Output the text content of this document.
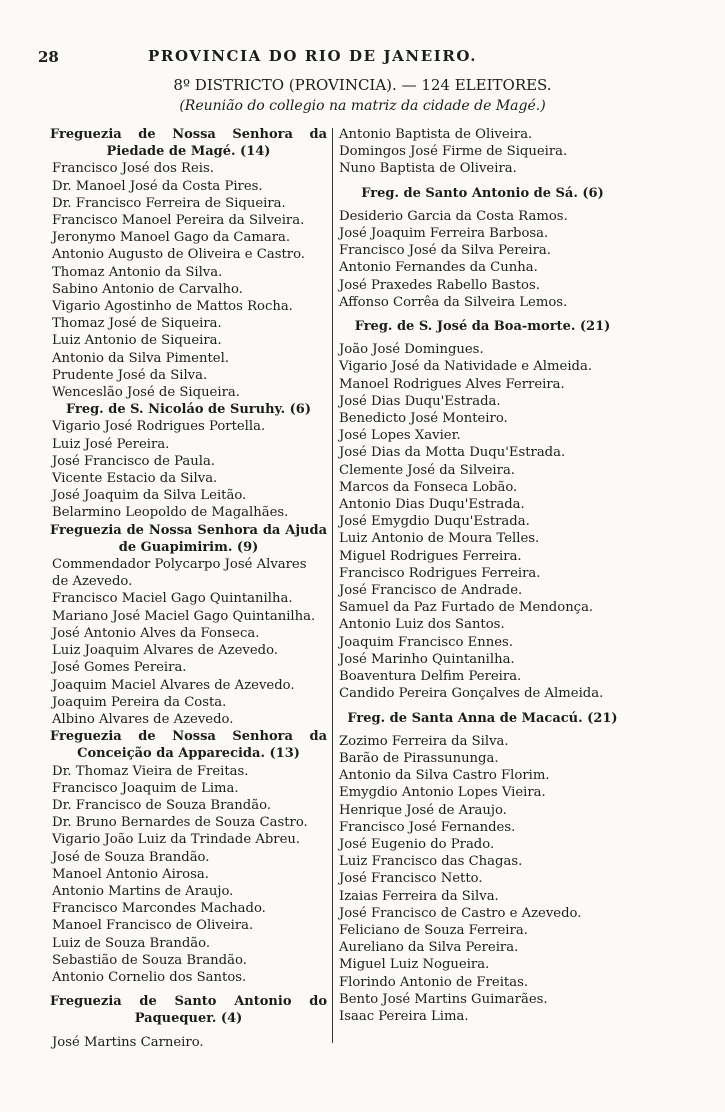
28	PROVINCIA DO RIO DE JANEIRO.
8º DISTRICTO (PROVINCIA). — 124 ELEITORES.
(Reunião do collegio na matriz da cidade de Magé.)
Freguezia de Nossa Senhora da Piedade de Magé. (14)
Francisco José dos Reis.
Dr. Manoel José da Costa Pires.
Dr. Francisco Ferreira de Siqueira.
Francisco Manoel Pereira da Silveira.
Jeronymo Manoel Gago da Camara.
Antonio Augusto de Oliveira e Castro.
Thomaz Antonio da Silva.
Sabino Antonio de Carvalho.
Vigario Agostinho de Mattos Rocha.
Thomaz José de Siqueira.
Luiz Antonio de Siqueira.
Antonio da Silva Pimentel.
Prudente José da Silva.
Wenceslão José de Siqueira.
Freg. de S. Nicoláo de Suruhy. (6)
Vigario José Rodrigues Portella.
Luiz José Pereira.
José Francisco de Paula.
Vicente Estacio da Silva.
José Joaquim da Silva Leitão.
Belarmino Leopoldo de Magalhães.
Freguezia de Nossa Senhora da Ajuda de Guapimirim. (9)
Commendador Polycarpo José Alvares
de Azevedo.
Francisco Maciel Gago Quintanilha.
Mariano José Maciel Gago Quintanilha.
José Antonio Alves da Fonseca.
Luiz Joaquim Alvares de Azevedo.
José Gomes Pereira.
Joaquim Maciel Alvares de Azevedo.
Joaquim Pereira da Costa.
Albino Alvares de Azevedo.
Freguezia de Nossa Senhora da Conceição da Apparecida. (13)
Dr. Thomaz Vieira de Freitas.
Francisco Joaquim de Lima.
Dr. Francisco de Souza Brandão.
Dr. Bruno Bernardes de Souza Castro.
Vigario João Luiz da Trindade Abreu.
José de Souza Brandão.
Manoel Antonio Airosa.
Antonio Martins de Araujo.
Francisco Marcondes Machado.
Manoel Francisco de Oliveira.
Luiz de Souza Brandão.
Sebastião de Souza Brandão.
Antonio Cornelio dos Santos.
Freguezia de Santo Antonio do Paquequer. (4)
José Martins Carneiro.
Antonio Baptista de Oliveira.
Domingos José Firme de Siqueira.
Nuno Baptista de Oliveira.
Freg. de Santo Antonio de Sá. (6)
Desiderio Garcia da Costa Ramos.
José Joaquim Ferreira Barbosa.
Francisco José da Silva Pereira.
Antonio Fernandes da Cunha.
José Praxedes Rabello Bastos.
Affonso Corrêa da Silveira Lemos.
Freg. de S. José da Boa-morte. (21)
João José Domingues.
Vigario José da Natividade e Almeida.
Manoel Rodrigues Alves Ferreira.
José Dias Duqu'Estrada.
Benedicto José Monteiro.
José Lopes Xavier.
José Dias da Motta Duqu'Estrada.
Clemente José da Silveira.
Marcos da Fonseca Lobão.
Antonio Dias Duqu'Estrada.
José Emygdio Duqu'Estrada.
Luiz Antonio de Moura Telles.
Miguel Rodrigues Ferreira.
Francisco Rodrigues Ferreira.
José Francisco de Andrade.
Samuel da Paz Furtado de Mendonça.
Antonio Luiz dos Santos.
Joaquim Francisco Ennes.
José Marinho Quintanilha.
Boaventura Delfim Pereira.
Candido Pereira Gonçalves de Almeida.
Freg. de Santa Anna de Macacú. (21)
Zozimo Ferreira da Silva.
Barão de Pirassununga.
Antonio da Silva Castro Florim.
Emygdio Antonio Lopes Vieira.
Henrique José de Araujo.
Francisco José Fernandes.
José Eugenio do Prado.
Luiz Francisco das Chagas.
José Francisco Netto.
Izaias Ferreira da Silva.
José Francisco de Castro e Azevedo.
Feliciano de Souza Ferreira.
Aureliano da Silva Pereira.
Miguel Luiz Nogueira.
Florindo Antonio de Freitas.
Bento José Martins Guimarães.
Isaac Pereira Lima.
